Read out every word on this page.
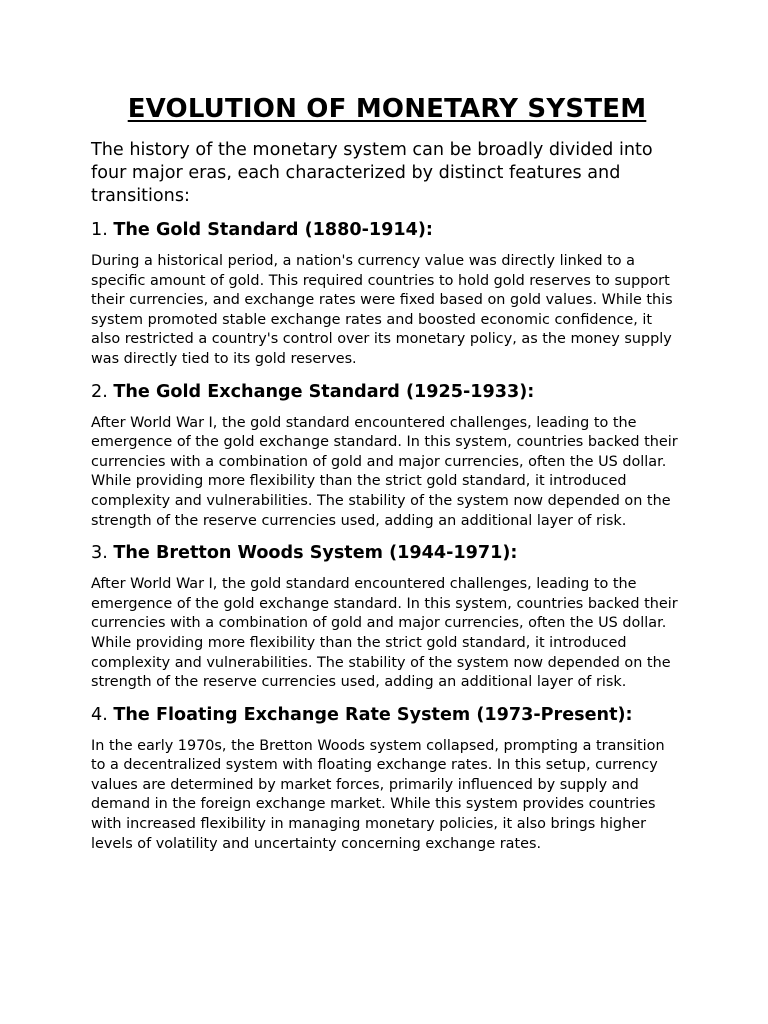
EVOLUTION OF MONETARY SYSTEM

The history of the monetary system can be broadly divided into four major eras, each characterized by distinct features and transitions:

1. The Gold Standard (1880-1914):

During a historical period, a nation's currency value was directly linked to a specific amount of gold. This required countries to hold gold reserves to support their currencies, and exchange rates were fixed based on gold values. While this system promoted stable exchange rates and boosted economic confidence, it also restricted a country's control over its monetary policy, as the money supply was directly tied to its gold reserves.

2. The Gold Exchange Standard (1925-1933):

After World War I, the gold standard encountered challenges, leading to the emergence of the gold exchange standard. In this system, countries backed their currencies with a combination of gold and major currencies, often the US dollar. While providing more flexibility than the strict gold standard, it introduced complexity and vulnerabilities. The stability of the system now depended on the strength of the reserve currencies used, adding an additional layer of risk.

3. The Bretton Woods System (1944-1971):

After World War I, the gold standard encountered challenges, leading to the emergence of the gold exchange standard. In this system, countries backed their currencies with a combination of gold and major currencies, often the US dollar. While providing more flexibility than the strict gold standard, it introduced complexity and vulnerabilities. The stability of the system now depended on the strength of the reserve currencies used, adding an additional layer of risk.

4. The Floating Exchange Rate System (1973-Present):

In the early 1970s, the Bretton Woods system collapsed, prompting a transition to a decentralized system with floating exchange rates. In this setup, currency values are determined by market forces, primarily influenced by supply and demand in the foreign exchange market. While this system provides countries with increased flexibility in managing monetary policies, it also brings higher levels of volatility and uncertainty concerning exchange rates.
